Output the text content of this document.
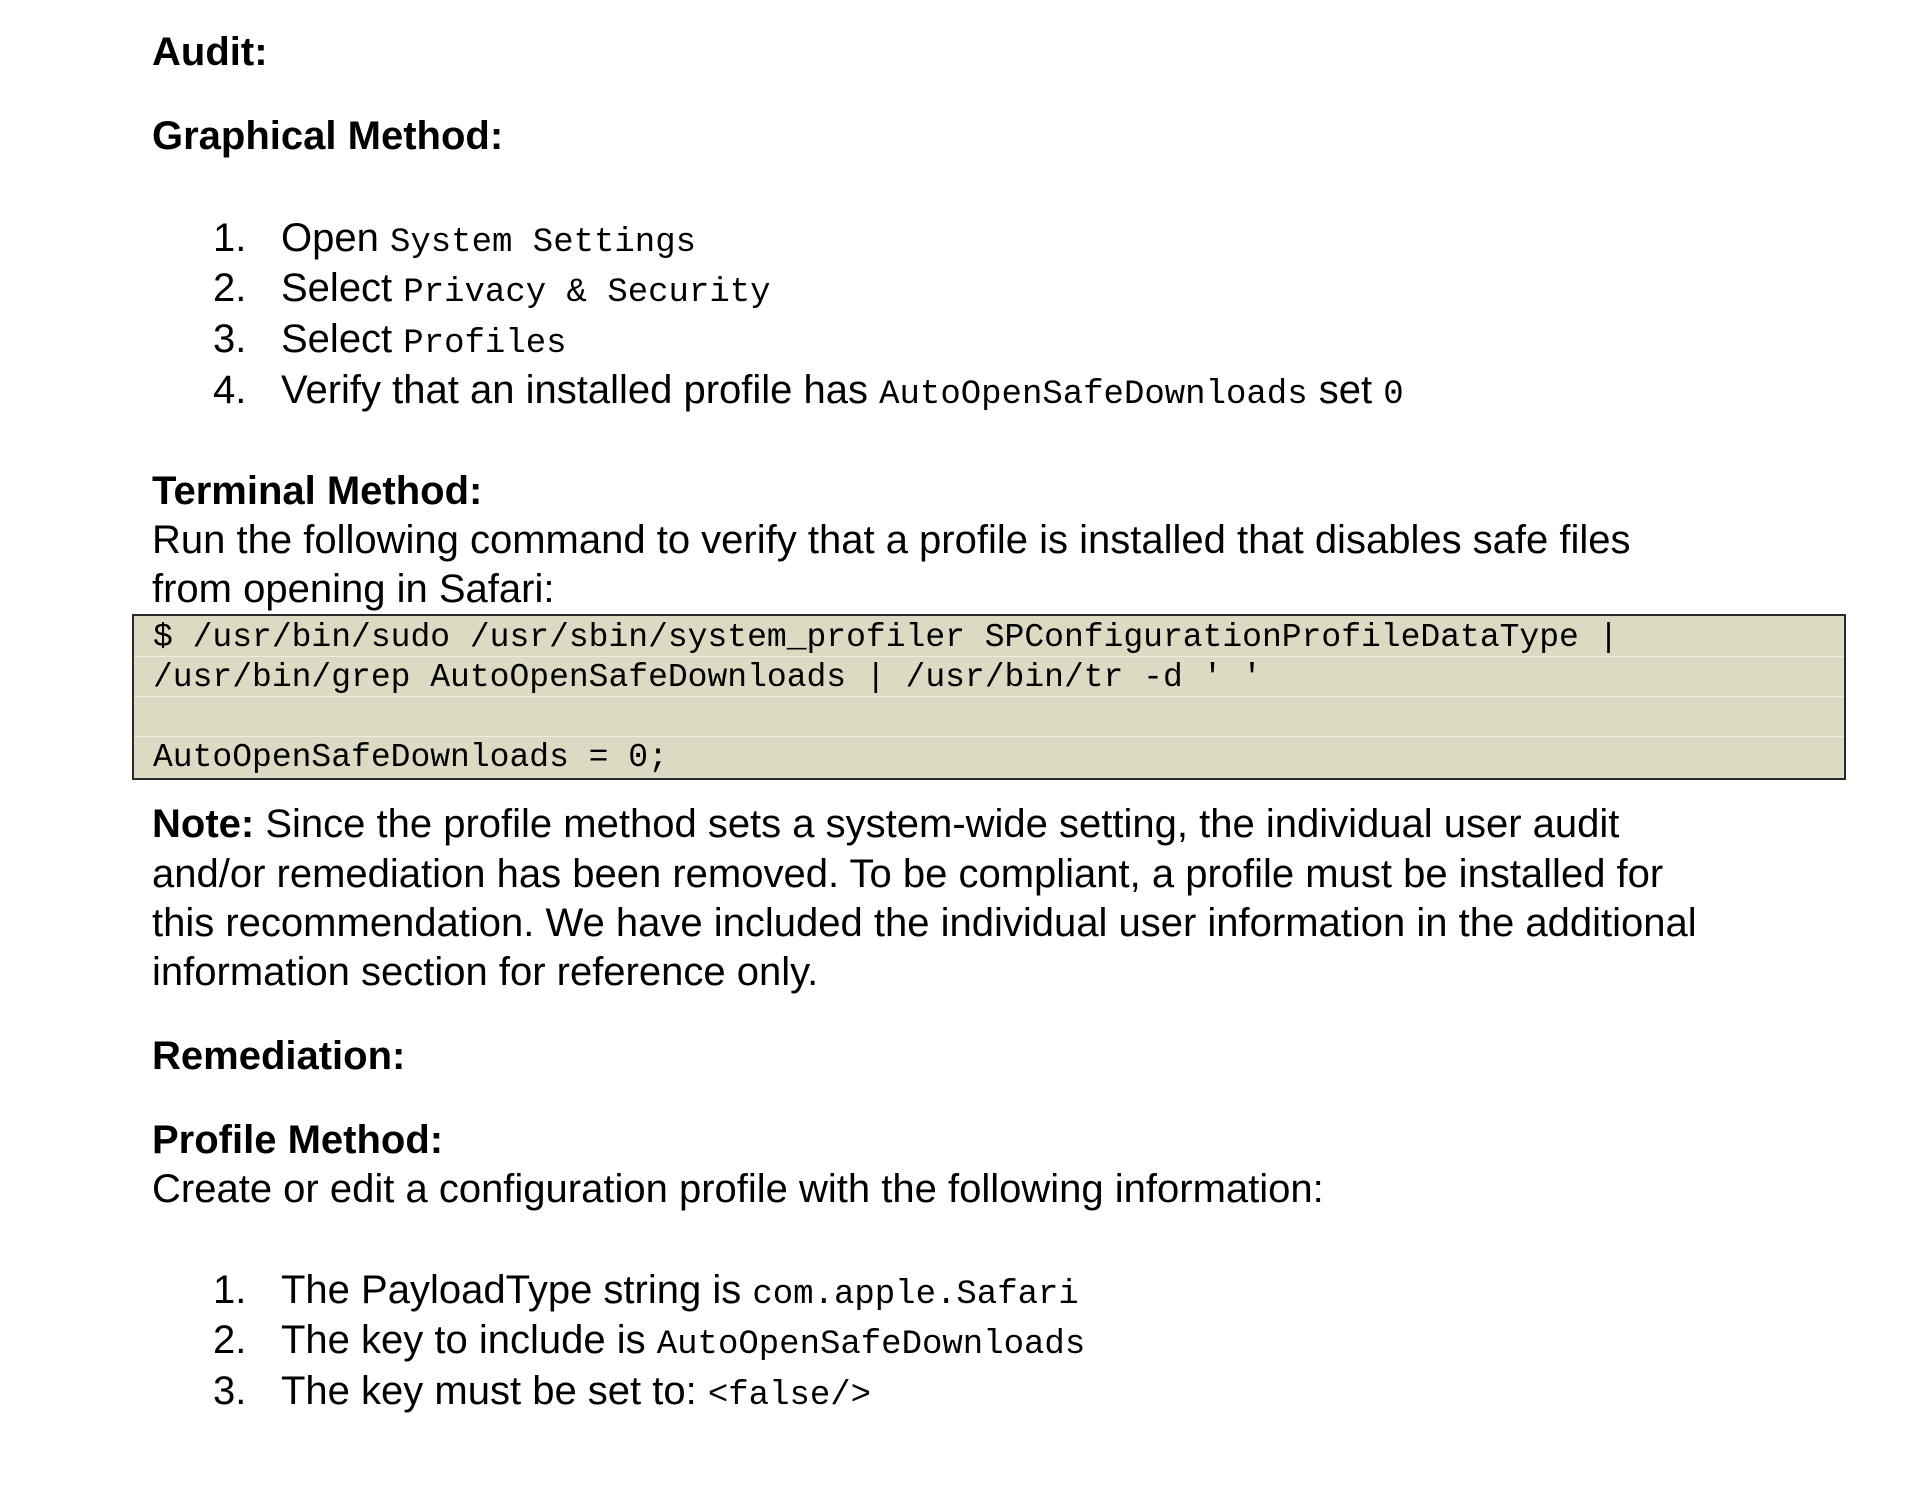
Audit:
Graphical Method:
1. Open System Settings
2. Select Privacy & Security
3. Select Profiles
4. Verify that an installed profile has AutoOpenSafeDownloads set 0
Terminal Method:
Run the following command to verify that a profile is installed that disables safe files
from opening in Safari:
$ /usr/bin/sudo /usr/sbin/system_profiler SPConfigurationProfileDataType |
/usr/bin/grep AutoOpenSafeDownloads | /usr/bin/tr -d ' '
AutoOpenSafeDownloads = 0;
Note: Since the profile method sets a system-wide setting, the individual user audit
and/or remediation has been removed. To be compliant, a profile must be installed for
this recommendation. We have included the individual user information in the additional
information section for reference only.
Remediation:
Profile Method:
Create or edit a configuration profile with the following information:
1. The PayloadType string is com.apple.Safari
2. The key to include is AutoOpenSafeDownloads
3. The key must be set to: <false/>
